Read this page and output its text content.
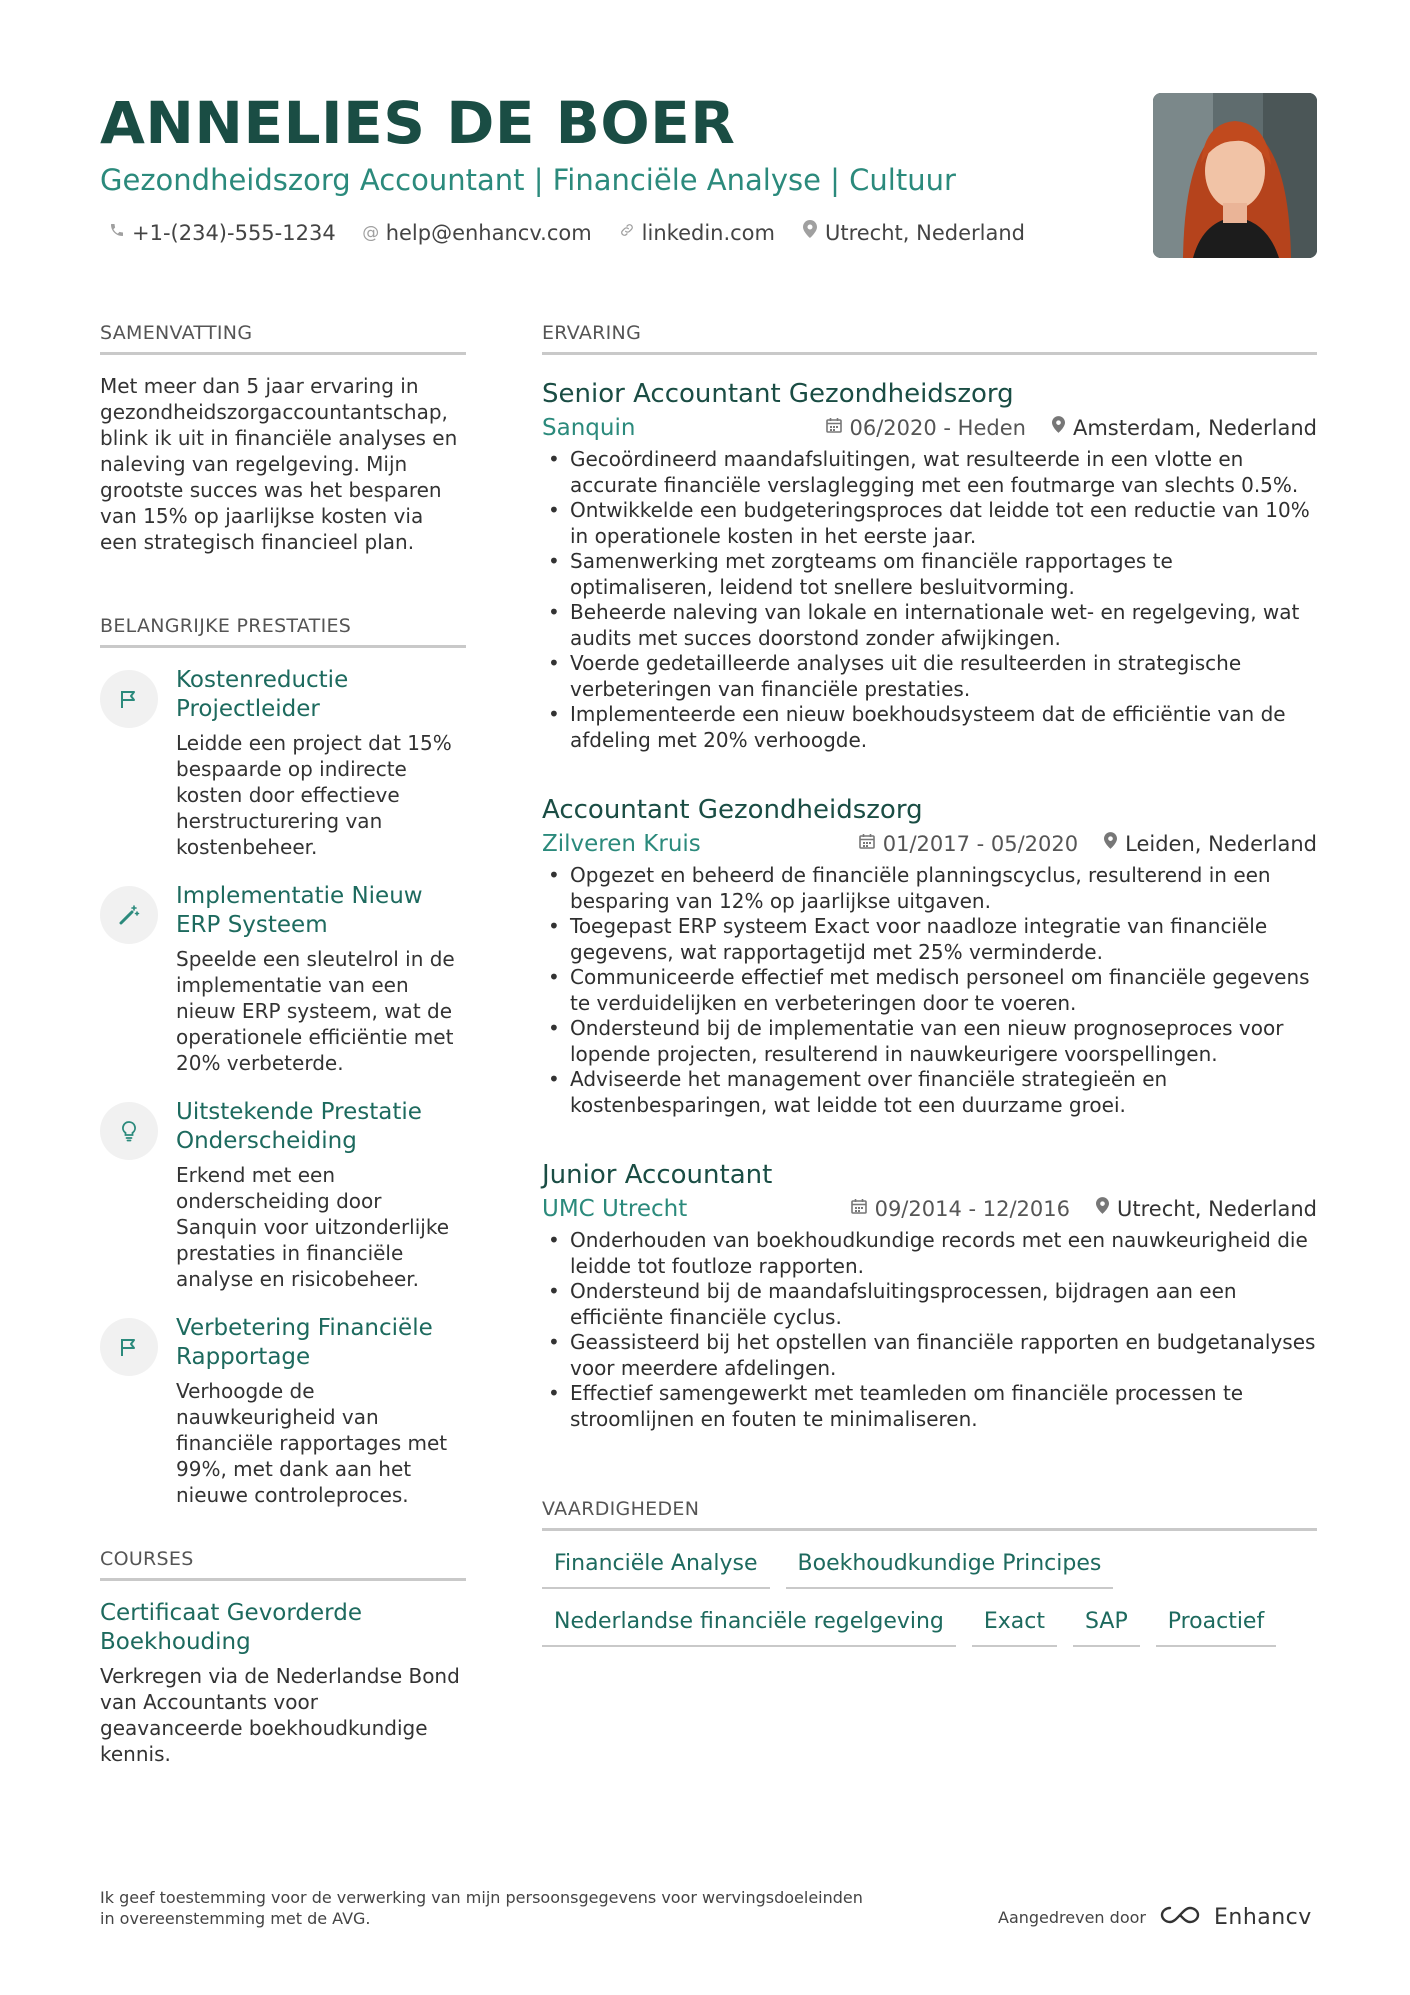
ANNELIES DE BOER
Gezondheidszorg Accountant | Financiële Analyse | Cultuur
+1-(234)-555-1234 @ help@enhancv.com linkedin.com Utrecht, Nederland
SAMENVATTING
Met meer dan 5 jaar ervaring in gezondheidszorgaccountantschap, blink ik uit in financiële analyses en naleving van regelgeving. Mijn grootste succes was het besparen van 15% op jaarlijkse kosten via een strategisch financieel plan.
BELANGRIJKE PRESTATIES
Kostenreductie Projectleider
Leidde een project dat 15% bespaarde op indirecte kosten door effectieve herstructurering van kostenbeheer.
Implementatie Nieuw ERP Systeem
Speelde een sleutelrol in de implementatie van een nieuw ERP systeem, wat de operationele efficiëntie met 20% verbeterde.
Uitstekende Prestatie Onderscheiding
Erkend met een onderscheiding door Sanquin voor uitzonderlijke prestaties in financiële analyse en risicobeheer.
Verbetering Financiële Rapportage
Verhoogde de nauwkeurigheid van financiële rapportages met 99%, met dank aan het nieuwe controleproces.
COURSES
Certificaat Gevorderde Boekhouding
Verkregen via de Nederlandse Bond van Accountants voor geavanceerde boekhoudkundige kennis.
ERVARING
Senior Accountant Gezondheidszorg
Sanquin	06/2020 - Heden Amsterdam, Nederland
• Gecoördineerd maandafsluitingen, wat resulteerde in een vlotte en accurate financiële verslaglegging met een foutmarge van slechts 0.5%.
• Ontwikkelde een budgeteringsproces dat leidde tot een reductie van 10% in operationele kosten in het eerste jaar.
• Samenwerking met zorgteams om financiële rapportages te optimaliseren, leidend tot snellere besluitvorming.
• Beheerde naleving van lokale en internationale wet- en regelgeving, wat audits met succes doorstond zonder afwijkingen.
• Voerde gedetailleerde analyses uit die resulteerden in strategische verbeteringen van financiële prestaties.
• Implementeerde een nieuw boekhoudsysteem dat de efficiëntie van de afdeling met 20% verhoogde.
Accountant Gezondheidszorg
Zilveren Kruis	01/2017 - 05/2020 Leiden, Nederland
• Opgezet en beheerd de financiële planningscyclus, resulterend in een besparing van 12% op jaarlijkse uitgaven.
• Toegepast ERP systeem Exact voor naadloze integratie van financiële gegevens, wat rapportagetijd met 25% verminderde.
• Communiceerde effectief met medisch personeel om financiële gegevens te verduidelijken en verbeteringen door te voeren.
• Ondersteund bij de implementatie van een nieuw prognoseproces voor lopende projecten, resulterend in nauwkeurigere voorspellingen.
• Adviseerde het management over financiële strategieën en kostenbesparingen, wat leidde tot een duurzame groei.
Junior Accountant
UMC Utrecht	09/2014 - 12/2016 Utrecht, Nederland
• Onderhouden van boekhoudkundige records met een nauwkeurigheid die leidde tot foutloze rapporten.
• Ondersteund bij de maandafsluitingsprocessen, bijdragen aan een efficiënte financiële cyclus.
• Geassisteerd bij het opstellen van financiële rapporten en budgetanalyses voor meerdere afdelingen.
• Effectief samengewerkt met teamleden om financiële processen te stroomlijnen en fouten te minimaliseren.
VAARDIGHEDEN
Financiële Analyse	Boekhoudkundige Principes
Nederlandse financiële regelgeving	Exact	SAP	Proactief
Ik geef toestemming voor de verwerking van mijn persoonsgegevens voor wervingsdoeleinden in overeenstemming met de AVG.	Aangedreven door	Enhancv
